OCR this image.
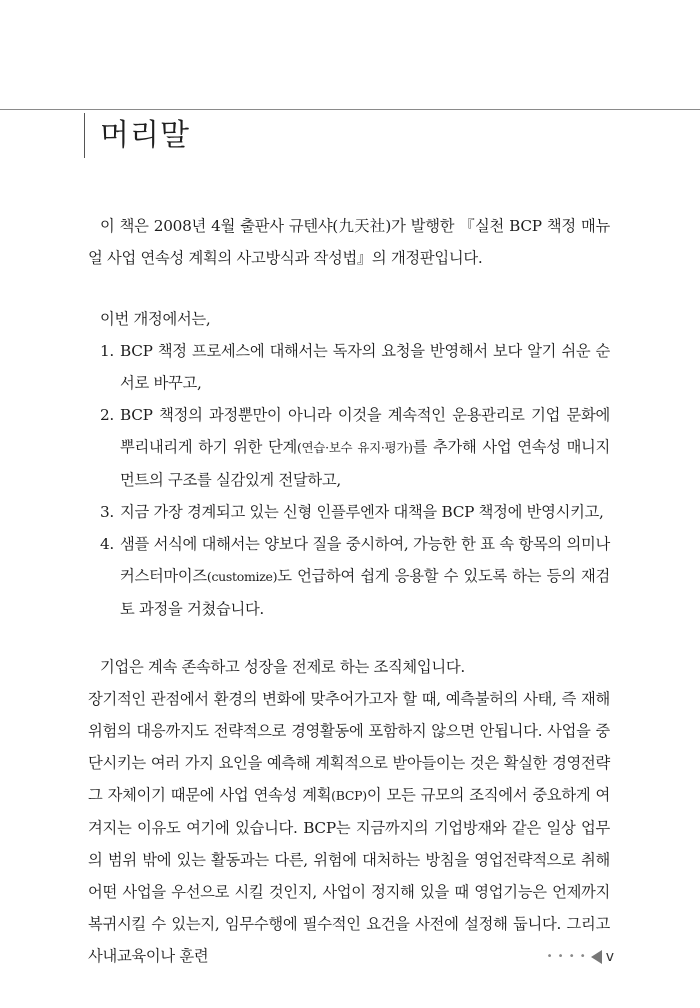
머리말

이 책은 2008년 4월 출판사 규텐샤(九天社)가 발행한 『실천 BCP 책정 매뉴얼 사업 연속성 계획의 사고방식과 작성법』의 개정판입니다.

이번 개정에서는,

1. BCP 책정 프로세스에 대해서는 독자의 요청을 반영해서 보다 알기 쉬운 순서로 바꾸고,
2. BCP 책정의 과정뿐만이 아니라 이것을 계속적인 운용관리로 기업 문화에 뿌리내리게 하기 위한 단계(연습·보수 유지·평가)를 추가해 사업 연속성 매니지먼트의 구조를 실감있게 전달하고,
3. 지금 가장 경계되고 있는 신형 인플루엔자 대책을 BCP 책정에 반영시키고,
4. 샘플 서식에 대해서는 양보다 질을 중시하여, 가능한 한 표 속 항목의 의미나 커스터마이즈(customize)도 언급하여 쉽게 응용할 수 있도록 하는 등의 재검토 과정을 거쳤습니다.

기업은 계속 존속하고 성장을 전제로 하는 조직체입니다.

장기적인 관점에서 환경의 변화에 맞추어가고자 할 때, 예측불허의 사태, 즉 재해위험의 대응까지도 전략적으로 경영활동에 포함하지 않으면 안됩니다. 사업을 중단시키는 여러 가지 요인을 예측해 계획적으로 받아들이는 것은 확실한 경영전략 그 자체이기 때문에 사업 연속성 계획(BCP)이 모든 규모의 조직에서 중요하게 여겨지는 이유도 여기에 있습니다. BCP는 지금까지의 기업방재와 같은 일상 업무의 범위 밖에 있는 활동과는 다른, 위험에 대처하는 방침을 영업전략적으로 취해 어떤 사업을 우선으로 시킬 것인지, 사업이 정지해 있을 때 영업기능은 언제까지 복귀시킬 수 있는지, 임무수행에 필수적인 요건을 사전에 설정해 둡니다. 그리고 사내교육이나 훈련	• • • • v
